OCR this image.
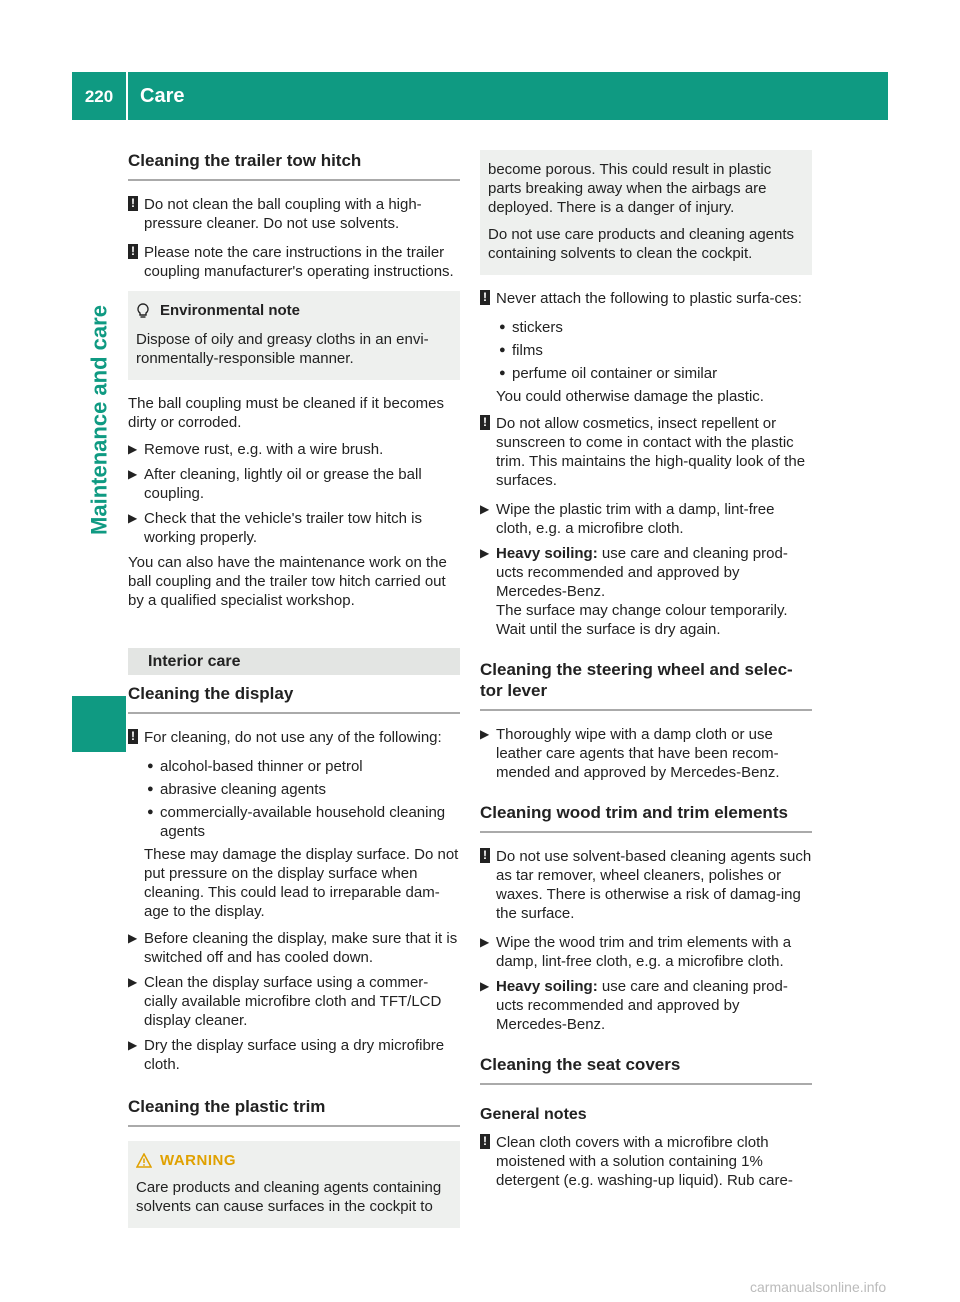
220	Care
Maintenance and care
Cleaning the trailer tow hitch
! Do not clean the ball coupling with a high-pressure cleaner. Do not use solvents.
! Please note the care instructions in the trailer coupling manufacturer's operating instructions.
Environmental note

Dispose of oily and greasy cloths in an envi-ronmentally-responsible manner.

The ball coupling must be cleaned if it becomes dirty or corroded.

▶ Remove rust, e.g. with a wire brush.
▶ After cleaning, lightly oil or grease the ball coupling.
▶ Check that the vehicle's trailer tow hitch is working properly.

You can also have the maintenance work on the ball coupling and the trailer tow hitch carried out by a qualified specialist workshop.

Interior care
Cleaning the display
! For cleaning, do not use any of the following:
● alcohol-based thinner or petrol
● abrasive cleaning agents
● commercially-available household cleaning agents

These may damage the display surface. Do not put pressure on the display surface when cleaning. This could lead to irreparable dam-age to the display.

▶ Before cleaning the display, make sure that it is switched off and has cooled down.
▶ Clean the display surface using a commer-cially available microfibre cloth and TFT/LCD display cleaner.
▶ Dry the display surface using a dry microfibre cloth.
Cleaning the plastic trim
WARNING

Care products and cleaning agents containing solvents can cause surfaces in the cockpit to

become porous. This could result in plastic parts breaking away when the airbags are deployed. There is a danger of injury.

Do not use care products and cleaning agents containing solvents to clean the cockpit.

! Never attach the following to plastic surfa-ces:
● stickers
● films
● perfume oil container or similar

You could otherwise damage the plastic.

! Do not allow cosmetics, insect repellent or sunscreen to come in contact with the plastic trim. This maintains the high-quality look of the surfaces.
▶ Wipe the plastic trim with a damp, lint-free cloth, e.g. a microfibre cloth.
▶ Heavy soiling: use care and cleaning prod-ucts recommended and approved by Mercedes-Benz.
The surface may change colour temporarily. Wait until the surface is dry again.
Cleaning the steering wheel and selec-tor lever
▶ Thoroughly wipe with a damp cloth or use leather care agents that have been recom-mended and approved by Mercedes-Benz.
Cleaning wood trim and trim elements
! Do not use solvent-based cleaning agents such as tar remover, wheel cleaners, polishes or waxes. There is otherwise a risk of damag-ing the surface.
▶ Wipe the wood trim and trim elements with a damp, lint-free cloth, e.g. a microfibre cloth.
▶ Heavy soiling: use care and cleaning prod-ucts recommended and approved by Mercedes-Benz.
Cleaning the seat covers
General notes
! Clean cloth covers with a microfibre cloth moistened with a solution containing 1% detergent (e.g. washing-up liquid). Rub care-
carmanualsonline.info
